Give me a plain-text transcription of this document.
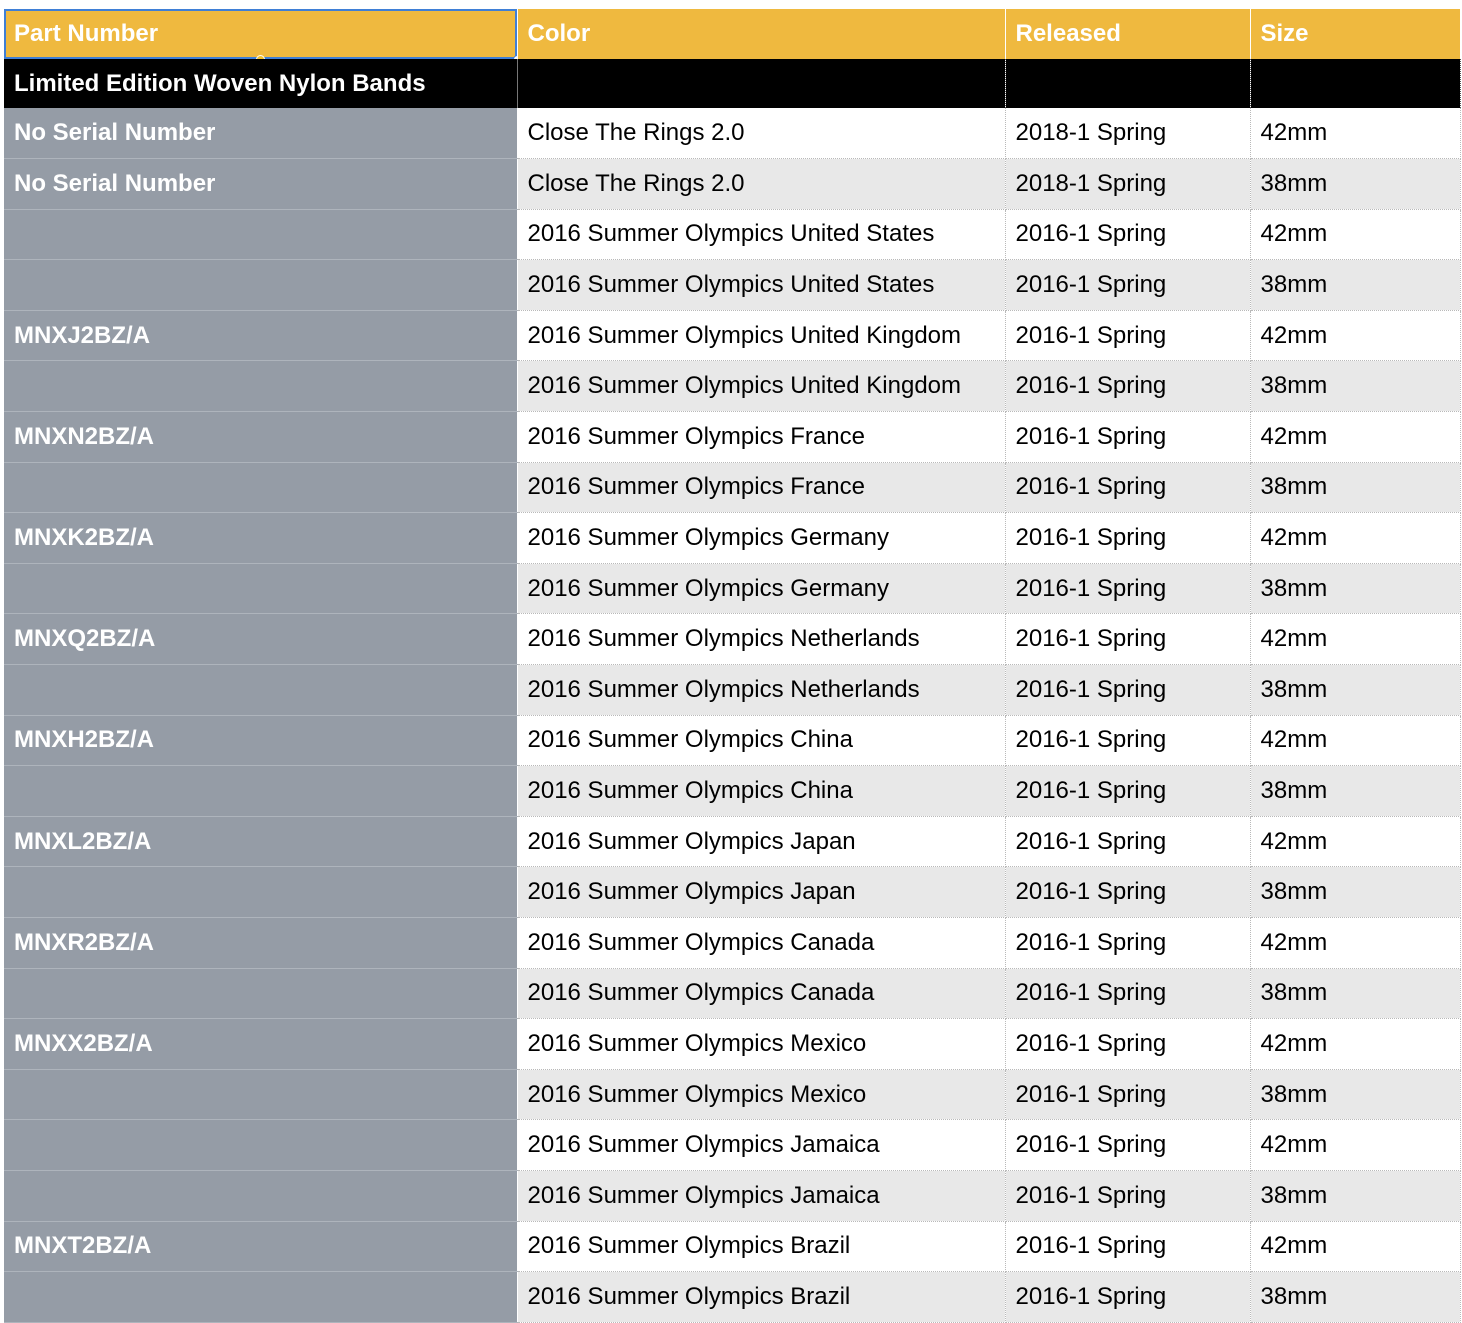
Part Number	Color	Released	Size
Limited Edition Woven Nylon Bands			
No Serial Number	Close The Rings 2.0	2018-1 Spring	42mm
No Serial Number	Close The Rings 2.0	2018-1 Spring	38mm
	2016 Summer Olympics United States	2016-1 Spring	42mm
	2016 Summer Olympics United States	2016-1 Spring	38mm
MNXJ2BZ/A	2016 Summer Olympics United Kingdom	2016-1 Spring	42mm
	2016 Summer Olympics United Kingdom	2016-1 Spring	38mm
MNXN2BZ/A	2016 Summer Olympics France	2016-1 Spring	42mm
	2016 Summer Olympics France	2016-1 Spring	38mm
MNXK2BZ/A	2016 Summer Olympics Germany	2016-1 Spring	42mm
	2016 Summer Olympics Germany	2016-1 Spring	38mm
MNXQ2BZ/A	2016 Summer Olympics Netherlands	2016-1 Spring	42mm
	2016 Summer Olympics Netherlands	2016-1 Spring	38mm
MNXH2BZ/A	2016 Summer Olympics China	2016-1 Spring	42mm
	2016 Summer Olympics China	2016-1 Spring	38mm
MNXL2BZ/A	2016 Summer Olympics Japan	2016-1 Spring	42mm
	2016 Summer Olympics Japan	2016-1 Spring	38mm
MNXR2BZ/A	2016 Summer Olympics Canada	2016-1 Spring	42mm
	2016 Summer Olympics Canada	2016-1 Spring	38mm
MNXX2BZ/A	2016 Summer Olympics Mexico	2016-1 Spring	42mm
	2016 Summer Olympics Mexico	2016-1 Spring	38mm
	2016 Summer Olympics Jamaica	2016-1 Spring	42mm
	2016 Summer Olympics Jamaica	2016-1 Spring	38mm
MNXT2BZ/A	2016 Summer Olympics Brazil	2016-1 Spring	42mm
	2016 Summer Olympics Brazil	2016-1 Spring	38mm
